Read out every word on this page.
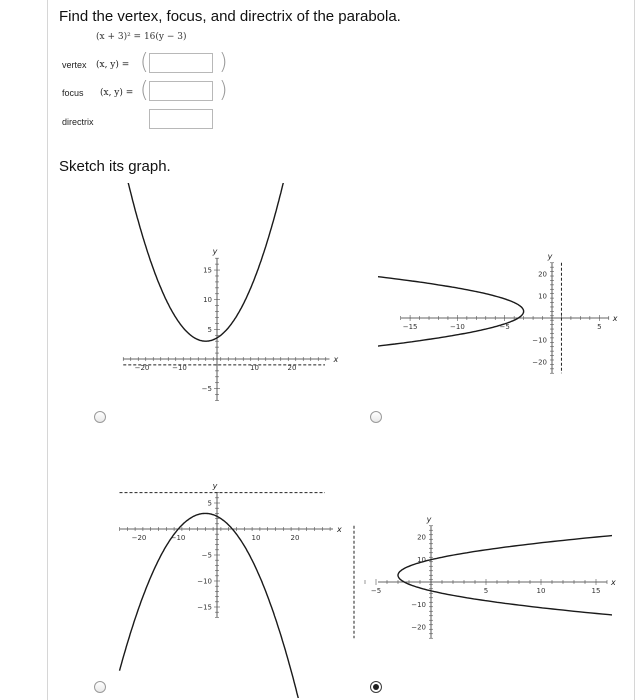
Find the vertex, focus, and directrix of the parabola.
(x + 3)² = 16(y − 3)
vertex (x, y) = (	)
focus (x, y) = (	)
directrix
Sketch its graph.
x
y
−20	−10	10	20
−5
5
10
15
x
y
−15	−10	−5	5
−20
−10
10
20
x
y
−20	−10	10	20
−15
−10
−5
5
x
y
−5	5	10	15
−20
−10
10
20
